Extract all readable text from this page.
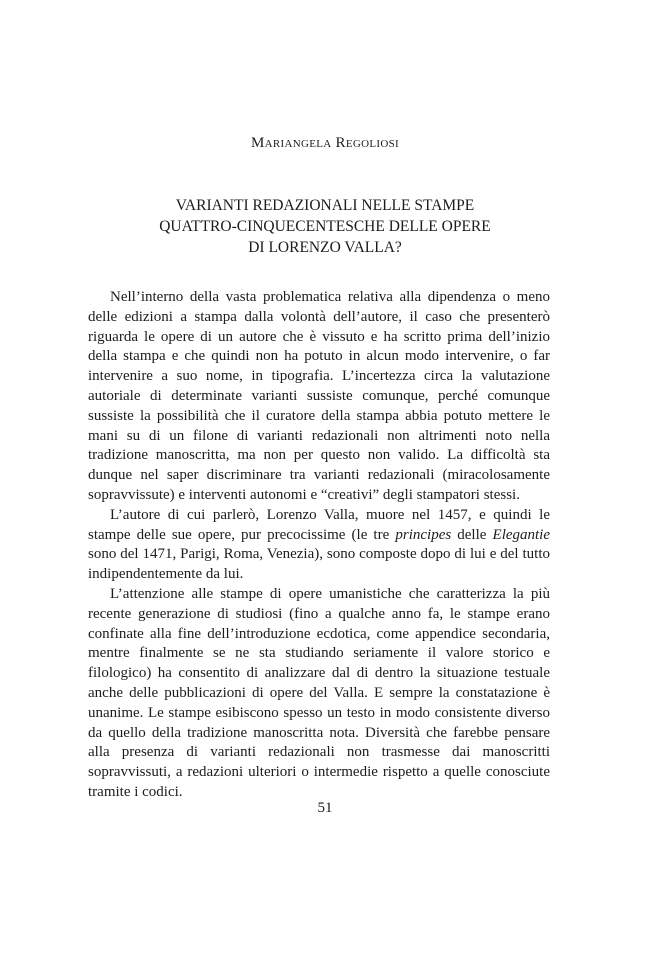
Mariangela Regoliosi
VARIANTI REDAZIONALI NELLE STAMPE
QUATTRO-CINQUECENTESCHE DELLE OPERE
DI LORENZO VALLA?

Nell’interno della vasta problematica relativa alla dipendenza o meno delle edizioni a stampa dalla volontà dell’autore, il caso che presenterò riguarda le opere di un autore che è vissuto e ha scritto prima dell’inizio della stampa e che quindi non ha potuto in alcun modo intervenire, o far intervenire a suo nome, in tipografia. L’incertezza circa la valutazione autoriale di determinate varianti sussiste comunque, perché comunque sussiste la possibilità che il curatore della stampa abbia potuto mettere le mani su di un filone di varianti redazionali non altrimenti noto nella tradizione manoscritta, ma non per questo non valido. La difficoltà sta dunque nel saper discriminare tra varianti redazionali (miracolosamente sopravvissute) e interventi autonomi e “creativi” degli stampatori stessi.

L’autore di cui parlerò, Lorenzo Valla, muore nel 1457, e quindi le stampe delle sue opere, pur precocissime (le tre principes delle Elegantie sono del 1471, Parigi, Roma, Venezia), sono composte dopo di lui e del tutto indipendentemente da lui.

L’attenzione alle stampe di opere umanistiche che caratterizza la più recente generazione di studiosi (fino a qualche anno fa, le stampe erano confinate alla fine dell’introduzione ecdotica, come appendice secondaria, mentre finalmente se ne sta studiando seriamente il valore storico e filologico) ha consentito di analizzare dal di dentro la situazione testuale anche delle pubblicazioni di opere del Valla. E sempre la constatazione è unanime. Le stampe esibiscono spesso un testo in modo consistente diverso da quello della tradizione manoscritta nota. Diversità che farebbe pensare alla presenza di varianti redazionali non trasmesse dai manoscritti sopravvissuti, a redazioni ulteriori o intermedie rispetto a quelle conosciute tramite i codici.

51
